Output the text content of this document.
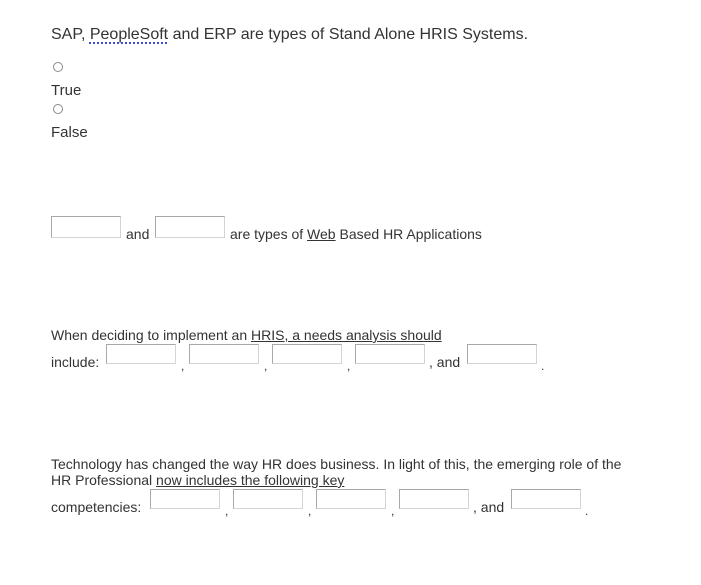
SAP, PeopleSoft and ERP are types of Stand Alone HRIS Systems.
True
False
and	are types of Web Based HR Applications
When deciding to implement an HRIS, a needs analysis should
include:	,	,	,	, and	.
Technology has changed the way HR does business. In light of this, the emerging role of the
HR Professional now includes the following key
competencies:	,	,	,	, and	.
